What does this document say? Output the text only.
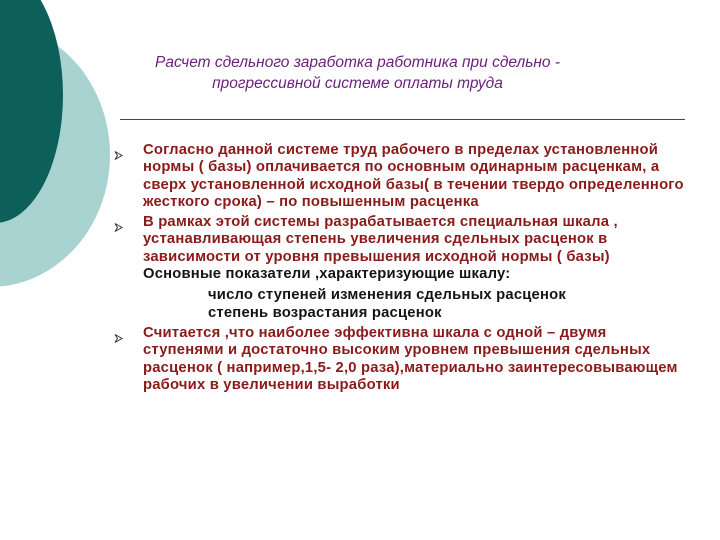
Расчет сдельного заработка работника при сдельно -
прогрессивной системе оплаты труда
Согласно данной системе труд рабочего в пределах установленной нормы ( базы) оплачивается по основным одинарным расценкам, а сверх установленной исходной базы( в течении твердо определенного жесткого срока) – по повышенным расценка
В рамках этой системы разрабатывается специальная шкала , устанавливающая степень увеличения сдельных расценок в зависимости от уровня превышения исходной нормы ( базы)
Основные показатели ,характеризующие шкалу:
число ступеней изменения сдельных расценок
степень возрастания расценок
Считается ,что наиболее эффективна шкала с одной – двумя ступенями и достаточно высоким уровнем превышения сдельных расценок ( например,1,5- 2,0 раза),материально заинтересовывающем рабочих в увеличении выработки
